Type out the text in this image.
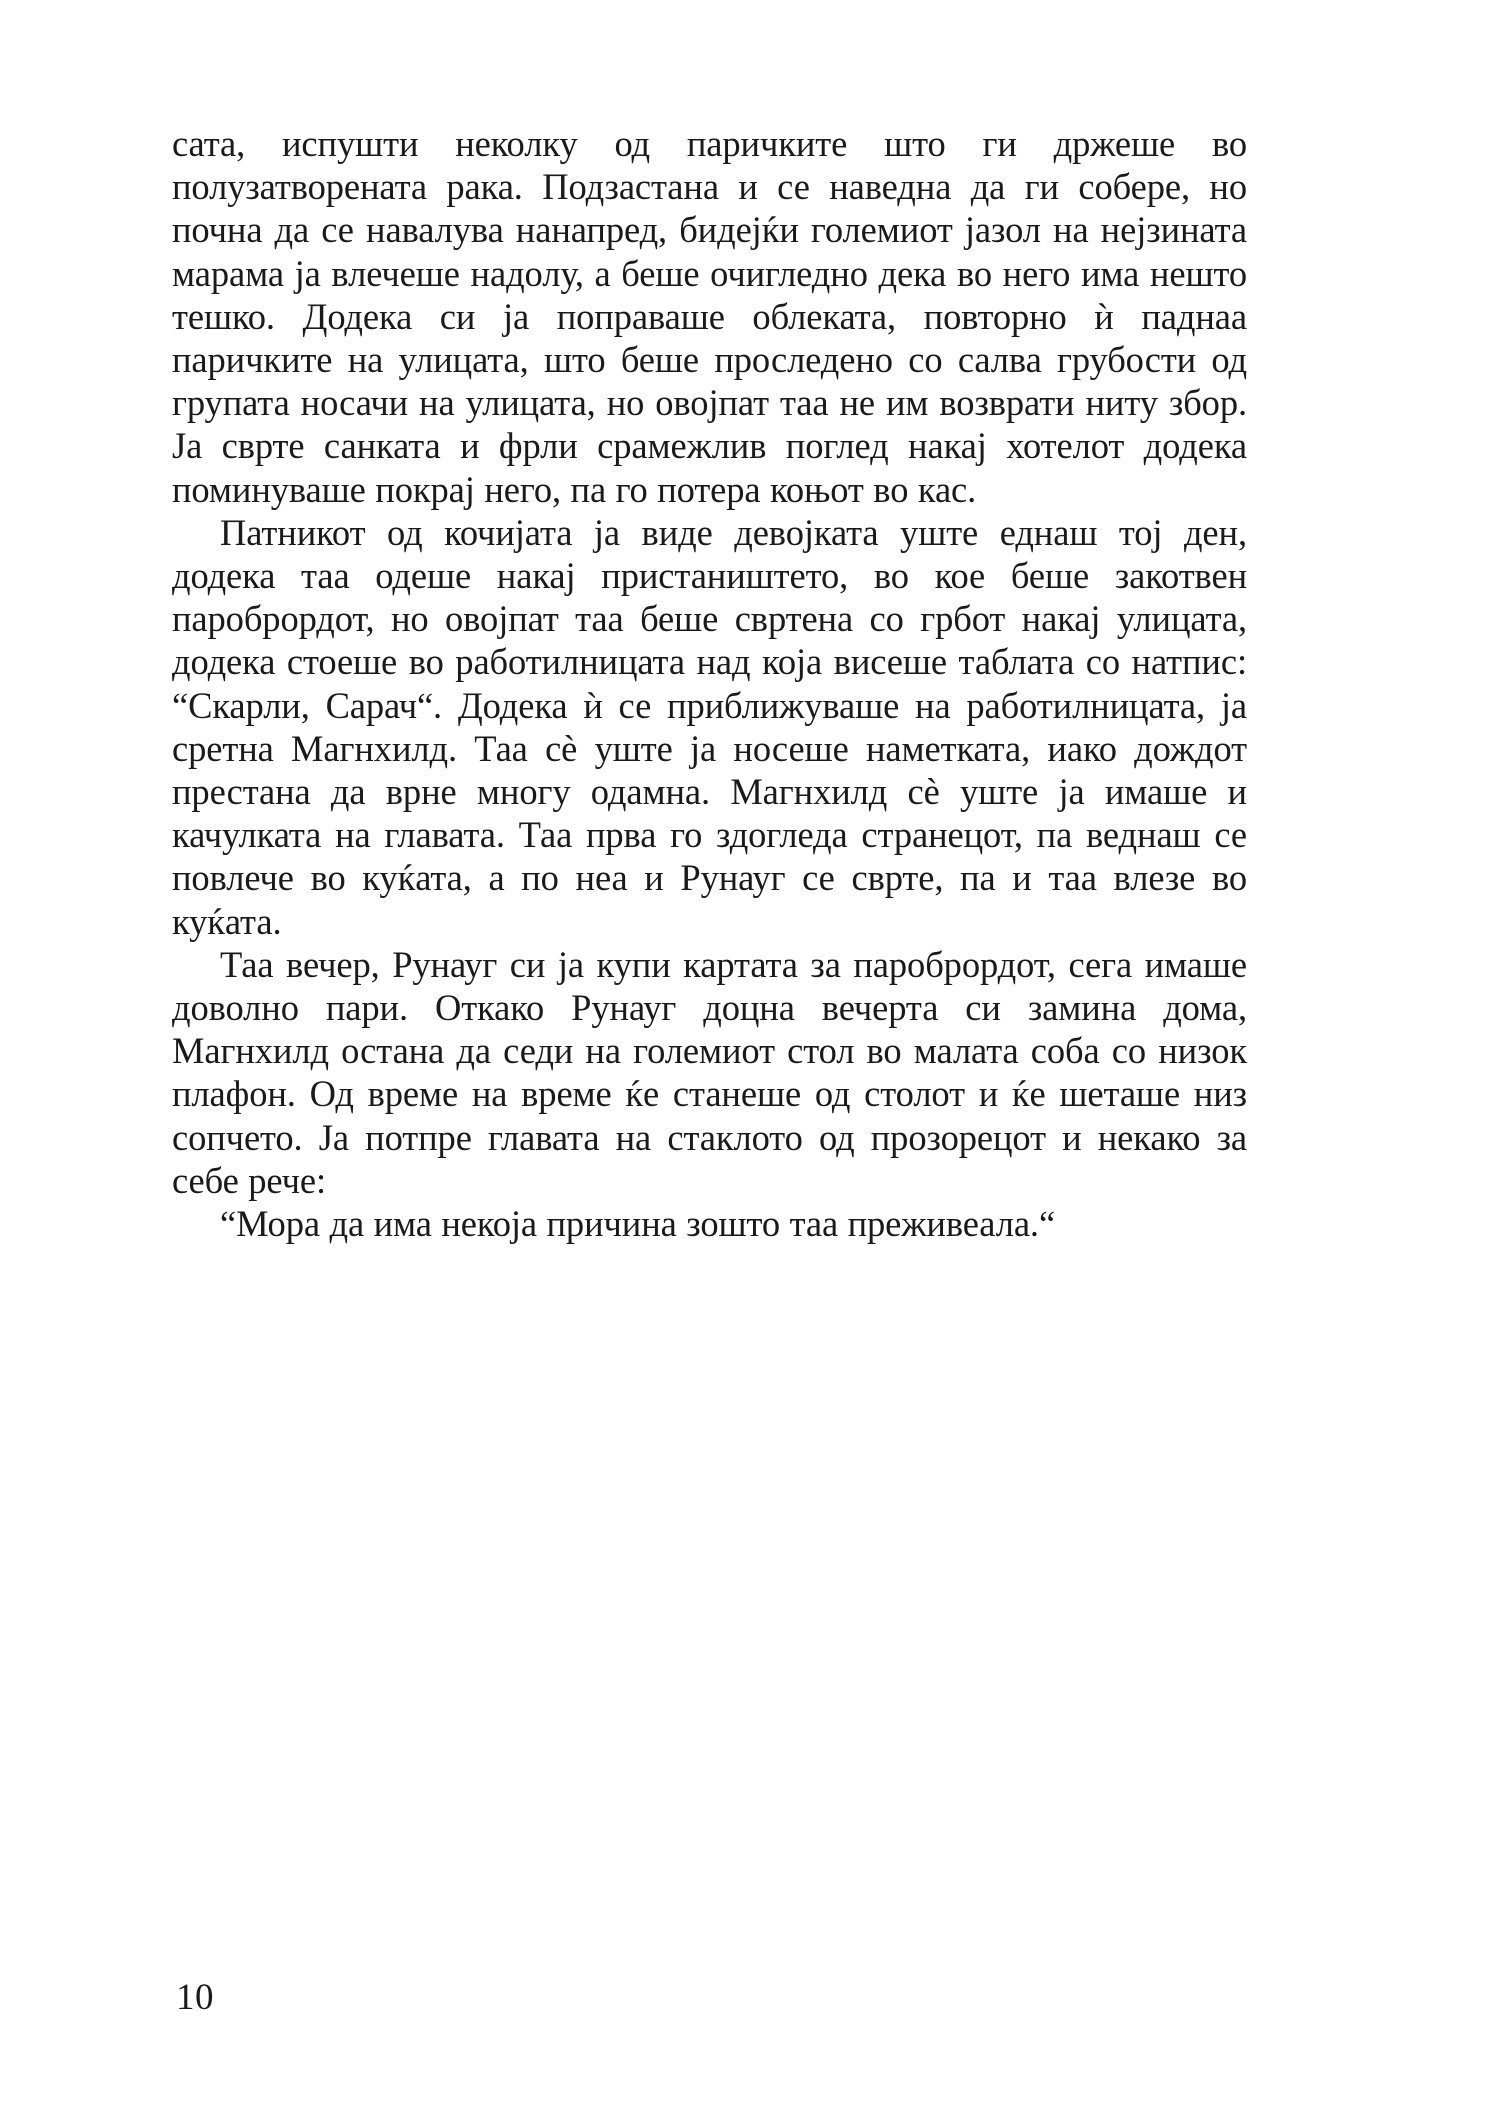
сата, испушти неколку од паричките што ги држеше во полузатворената рака. Подзастана и се наведна да ги собере, но почна да се навалува нанапред, бидејќи големиот јазол на нејзината марама ја влечеше надолу, а беше очигледно дека во него има нешто тешко. Додека си ја поправаше облеката, повторно ѝ паднаа паричките на улицата, што беше проследено со салва грубости од групата носачи на улицата, но овојпат таа не им возврати ниту збор. Ја сврте санката и фрли срамежлив поглед накај хотелот додека поминуваше покрај него, па го потера коњот во кас.

Патникот од кочијата ја виде девојката уште еднаш тој ден, додека таа одеше накај пристаништето, во кое беше закотвен паробрордот, но овојпат таа беше свртена со грбот накај улицата, додека стоеше во работилницата над која висеше таблата со натпис: “Скарли, Сарач“. Додека ѝ се приближуваше на работилницата, ја сретна Магнхилд. Таа сѐ уште ја носеше наметката, иако дождот престана да врне многу одамна. Магнхилд сѐ уште ја имаше и качулката на главата. Таа прва го здогледа странецот, па веднаш се повлече во куќата, а по неа и Рунауг се сврте, па и таа влезе во куќата.

Таа вечер, Рунауг си ја купи картата за паробрордот, сега имаше доволно пари. Откако Рунауг доцна вечерта си замина дома, Магнхилд остана да седи на големиот стол во малата соба со низок плафон. Од време на време ќе станеше од столот и ќе шеташе низ сопчето. Ја потпре главата на стаклото од прозорецот и некако за себе рече:

“Мора да има некоја причина зошто таа преживеала.“

10
